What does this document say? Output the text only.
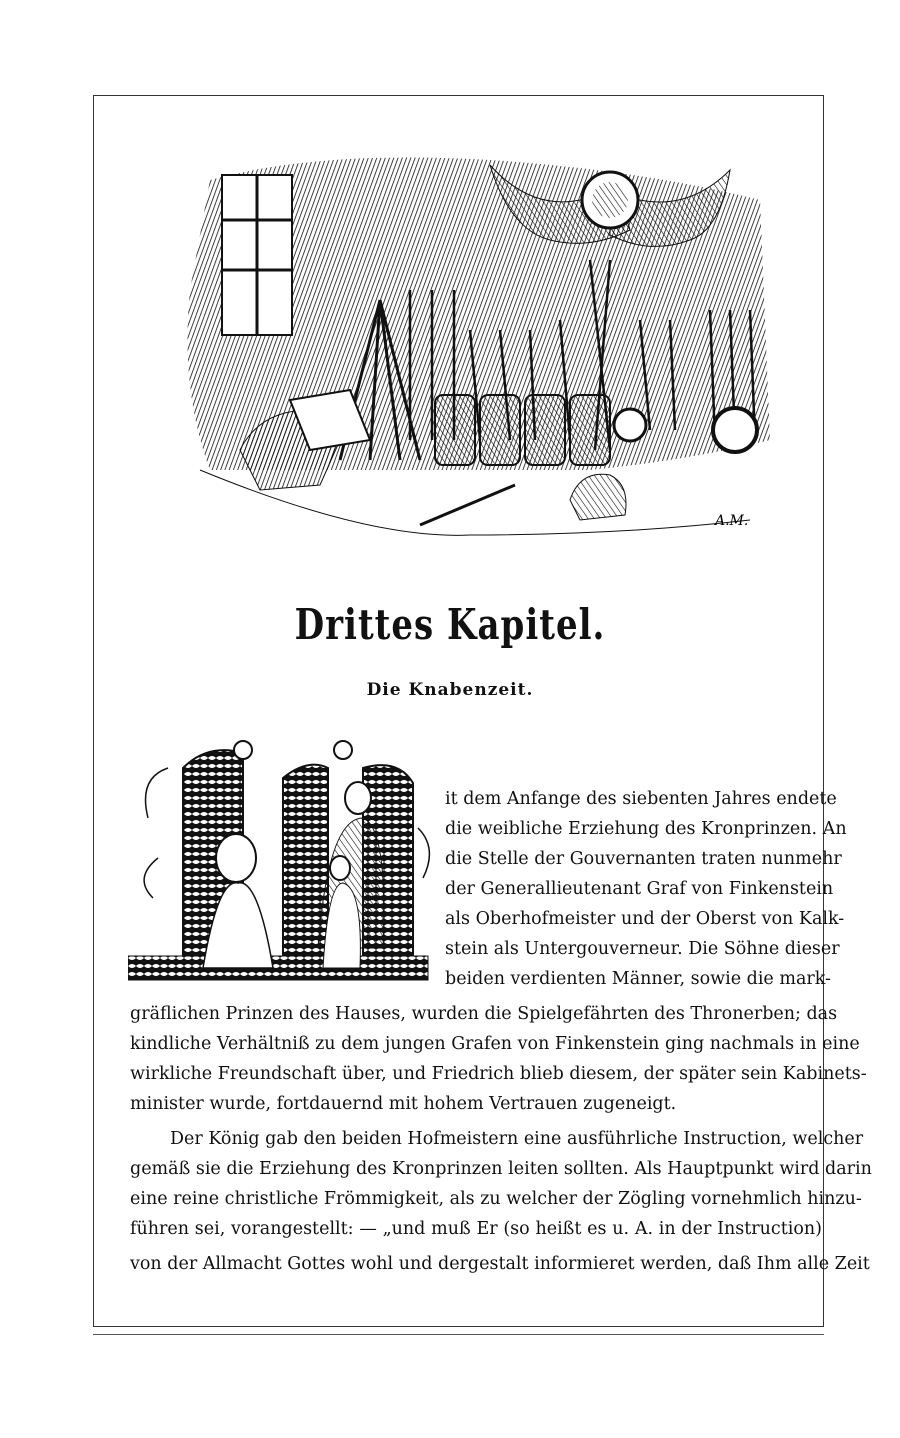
A.M.
Drittes Kapitel.
Die Knabenzeit.
it dem Anfange des siebenten Jahres endete
die weibliche Erziehung des Kronprinzen. An
die Stelle der Gouvernanten traten nunmehr
der Generallieutenant Graf von Finkenstein
als Oberhofmeister und der Oberst von Kalk-
stein als Untergouverneur. Die Söhne dieser
beiden verdienten Männer, sowie die mark-
gräflichen Prinzen des Hauses, wurden die Spielgefährten des Thronerben; das
kindliche Verhältniß zu dem jungen Grafen von Finkenstein ging nachmals in eine
wirkliche Freundschaft über, und Friedrich blieb diesem, der später sein Kabinets-
minister wurde, fortdauernd mit hohem Vertrauen zugeneigt.
Der König gab den beiden Hofmeistern eine ausführliche Instruction, welcher
gemäß sie die Erziehung des Kronprinzen leiten sollten. Als Hauptpunkt wird darin
eine reine christliche Frömmigkeit, als zu welcher der Zögling vornehmlich hinzu-
führen sei, vorangestellt: — „und muß Er (so heißt es u. A. in der Instruction)
von der Allmacht Gottes wohl und dergestalt informieret werden, daß Ihm alle Zeit
